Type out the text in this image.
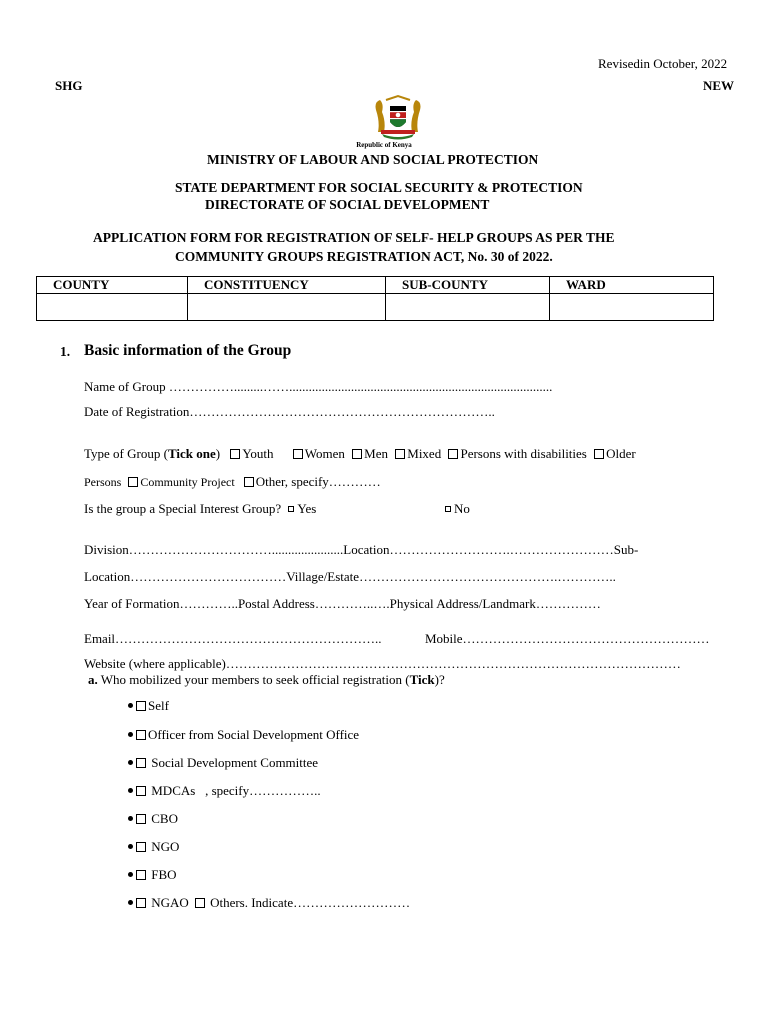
Revisedin October, 2022
SHG	NEW
Republic of Kenya
MINISTRY OF LABOUR AND SOCIAL PROTECTION
STATE DEPARTMENT FOR SOCIAL SECURITY & PROTECTION
DIRECTORATE OF SOCIAL DEVELOPMENT
APPLICATION FORM FOR REGISTRATION OF SELF- HELP GROUPS AS PER THE
COMMUNITY GROUPS REGISTRATION ACT, No. 30 of 2022.
COUNTY	CONSTITUENCY	SUB-COUNTY	WARD

1. Basic information of the Group
Name of Group …………….........…….................................................................................
Date of Registration……………………………………………………………..
Type of Group (Tick one) Youth Women Men Mixed Persons with disabilities Older
Persons Community Project Other, specify…………
Is the group a Special Interest Group? Yes	No
Division……………………………......................Location……………………….……………………Sub-
Location………………………………Village/Estate……………………………………….…………..
Year of Formation…………..Postal Address…………..….Physical Address/Landmark……………
Email……………………………………………………..	Mobile…………………………………………………
Website (where applicable)……………………………………………………………………………………………
a. Who mobilized your members to seek official registration (Tick)?
Self
Officer from Social Development Office
Social Development Committee
MDCAs   , specify……………..
CBO
NGO
FBO
NGAO Others. Indicate………………………
